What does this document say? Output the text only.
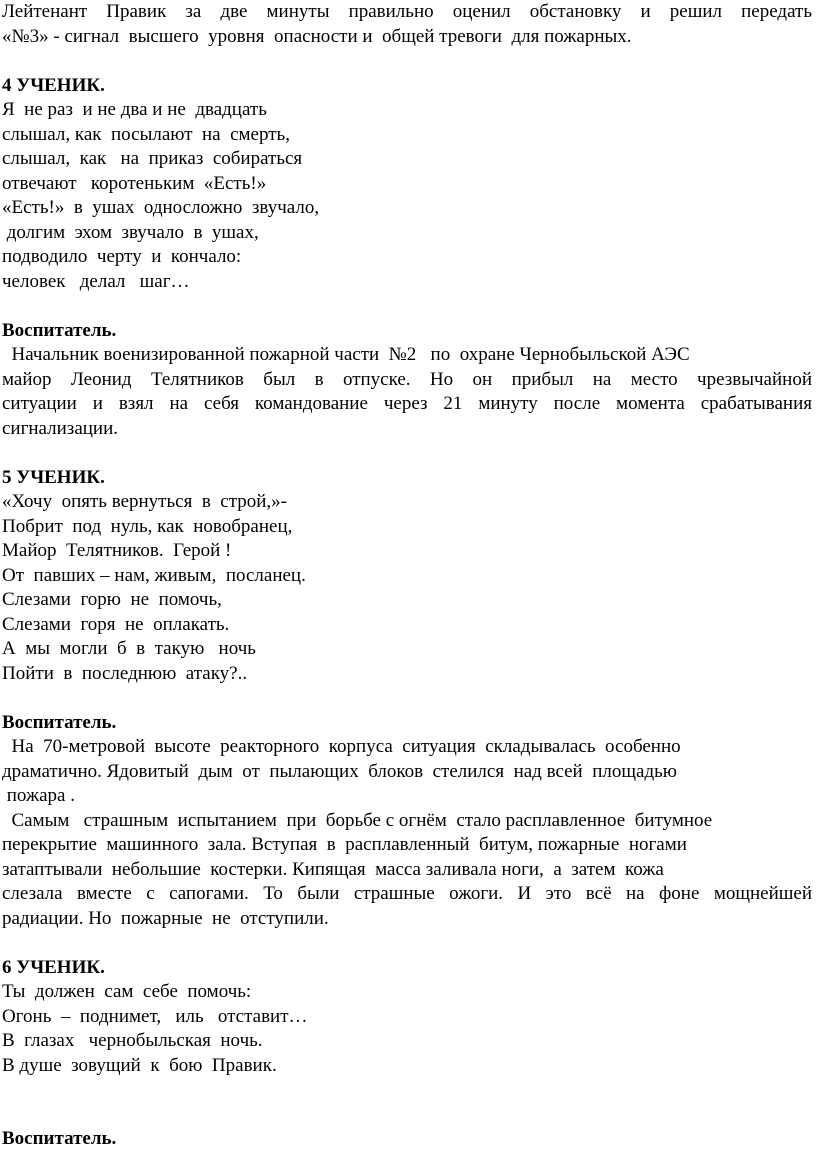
Лейтенант Правик за две минуты правильно оценил обстановку и решил передать
«№3» - сигнал  высшего  уровня  опасности и  общей тревоги  для пожарных.
4 УЧЕНИК.
Я  не раз  и не два и не  двадцать
слышал, как  посылают  на  смерть,
слышал,  как   на  приказ  собираться
отвечают   коротеньким  «Есть!»
«Есть!»  в  ушах  односложно  звучало,
долгим  эхом  звучало  в  ушах,
подводило  черту  и  кончало:
человек   делал   шаг…
Воспитатель.
Начальник военизированной пожарной части  №2   по  охране Чернобыльской АЭС
майор Леонид Телятников был в отпуске. Но он прибыл на место чрезвычайной
ситуации и взял на себя командование через 21 минуту после момента срабатывания
сигнализации.
5 УЧЕНИК.
«Хочу  опять вернуться  в  строй,»-
Побрит  под  нуль, как  новобранец,
Майор  Телятников.  Герой !
От  павших – нам, живым,  посланец.
Слезами  горю  не  помочь,
Слезами  горя  не  оплакать.
А  мы  могли  б  в  такую   ночь
Пойти  в  последнюю  атаку?..
Воспитатель.
На  70-метровой  высоте  реакторного  корпуса  ситуация  складывалась  особенно
драматично. Ядовитый  дым  от  пылающих  блоков  стелился  над всей  площадью
пожара .
Самым   страшным  испытанием  при  борьбе с огнём  стало расплавленное  битумное
перекрытие  машинного  зала. Вступая  в  расплавленный  битум, пожарные  ногами
затаптывали  небольшие  костерки. Кипящая  масса заливала ноги,  а  затем  кожа
слезала вместе с сапогами. То были страшные ожоги. И это всё на фоне мощнейшей
радиации. Но  пожарные  не  отступили.
6 УЧЕНИК.
Ты  должен  сам  себе  помочь:
Огонь  –  поднимет,   иль   отставит…
В  глазах   чернобыльская  ночь.
В душе  зовущий  к  бою  Правик.
Воспитатель.
